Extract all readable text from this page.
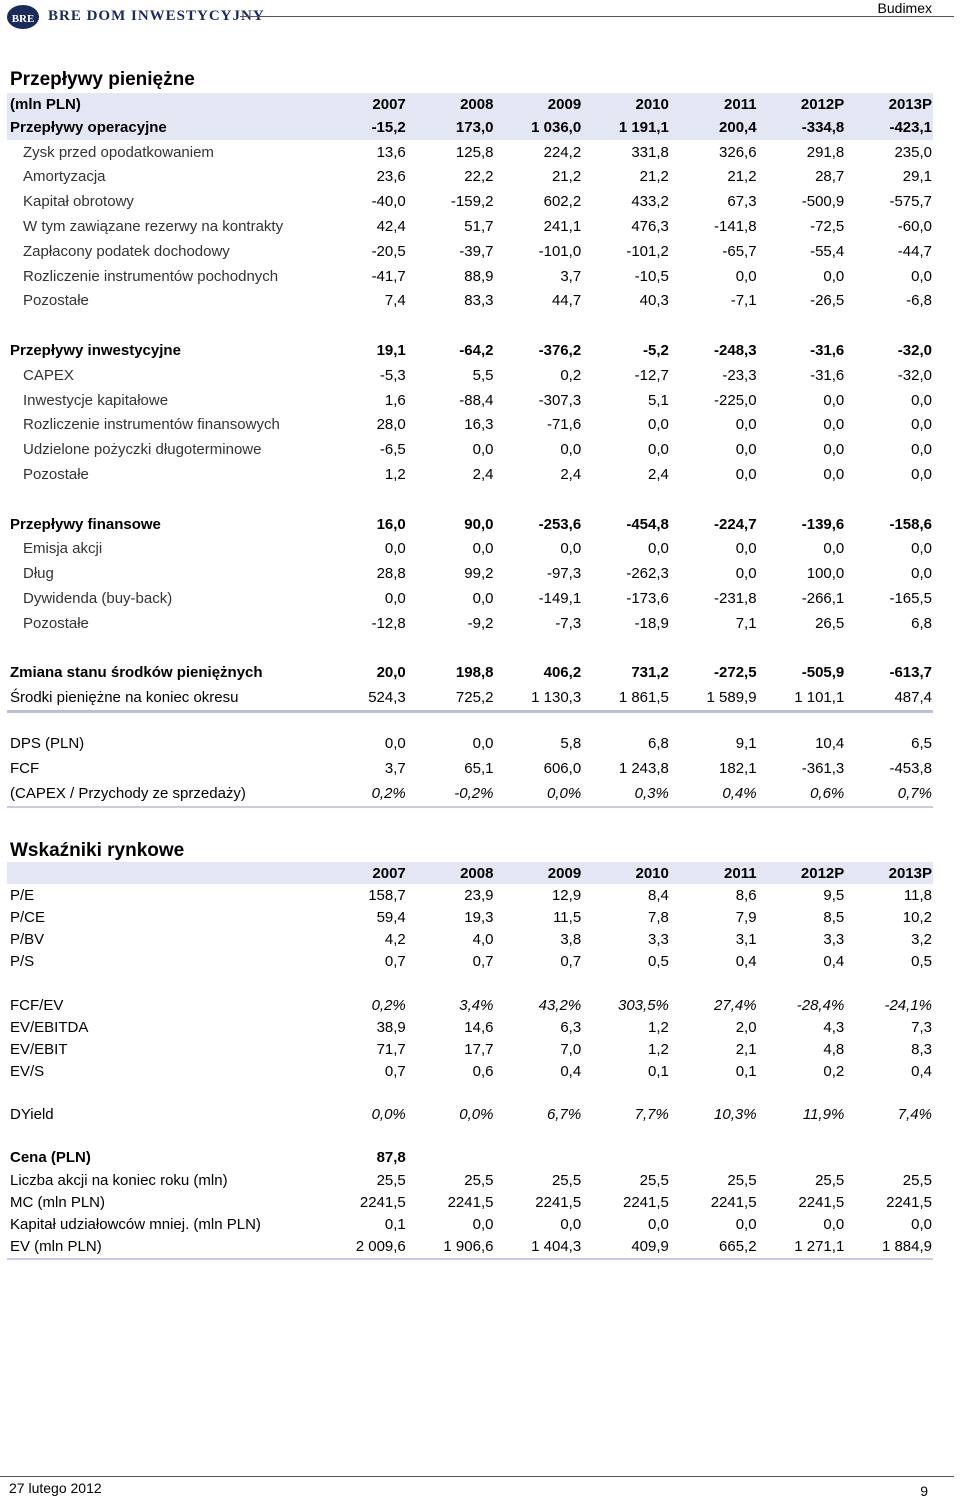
BRE BRE DOM INWESTYCYJNY	Budimex
Przepływy pieniężne
(mln PLN)	2007	2008	2009	2010	2011	2012P	2013P
Przepływy operacyjne	-15,2	173,0	1 036,0	1 191,1	200,4	-334,8	-423,1
Zysk przed opodatkowaniem	13,6	125,8	224,2	331,8	326,6	291,8	235,0
Amortyzacja	23,6	22,2	21,2	21,2	21,2	28,7	29,1
Kapitał obrotowy	-40,0	-159,2	602,2	433,2	67,3	-500,9	-575,7
W tym zawiązane rezerwy na kontrakty	42,4	51,7	241,1	476,3	-141,8	-72,5	-60,0
Zapłacony podatek dochodowy	-20,5	-39,7	-101,0	-101,2	-65,7	-55,4	-44,7
Rozliczenie instrumentów pochodnych	-41,7	88,9	3,7	-10,5	0,0	0,0	0,0
Pozostałe	7,4	83,3	44,7	40,3	-7,1	-26,5	-6,8

Przepływy inwestycyjne	19,1	-64,2	-376,2	-5,2	-248,3	-31,6	-32,0
CAPEX	-5,3	5,5	0,2	-12,7	-23,3	-31,6	-32,0
Inwestycje kapitałowe	1,6	-88,4	-307,3	5,1	-225,0	0,0	0,0
Rozliczenie instrumentów finansowych	28,0	16,3	-71,6	0,0	0,0	0,0	0,0
Udzielone pożyczki długoterminowe	-6,5	0,0	0,0	0,0	0,0	0,0	0,0
Pozostałe	1,2	2,4	2,4	2,4	0,0	0,0	0,0

Przepływy finansowe	16,0	90,0	-253,6	-454,8	-224,7	-139,6	-158,6
Emisja akcji	0,0	0,0	0,0	0,0	0,0	0,0	0,0
Dług	28,8	99,2	-97,3	-262,3	0,0	100,0	0,0
Dywidenda (buy-back)	0,0	0,0	-149,1	-173,6	-231,8	-266,1	-165,5
Pozostałe	-12,8	-9,2	-7,3	-18,9	7,1	26,5	6,8

Zmiana stanu środków pieniężnych	20,0	198,8	406,2	731,2	-272,5	-505,9	-613,7
Środki pieniężne na koniec okresu	524,3	725,2	1 130,3	1 861,5	1 589,9	1 101,1	487,4

DPS (PLN)	0,0	0,0	5,8	6,8	9,1	10,4	6,5
FCF	3,7	65,1	606,0	1 243,8	182,1	-361,3	-453,8
(CAPEX / Przychody ze sprzedaży)	0,2%	-0,2%	0,0%	0,3%	0,4%	0,6%	0,7%
Wskaźniki rynkowe
	2007	2008	2009	2010	2011	2012P	2013P
P/E	158,7	23,9	12,9	8,4	8,6	9,5	11,8
P/CE	59,4	19,3	11,5	7,8	7,9	8,5	10,2
P/BV	4,2	4,0	3,8	3,3	3,1	3,3	3,2
P/S	0,7	0,7	0,7	0,5	0,4	0,4	0,5

FCF/EV	0,2%	3,4%	43,2%	303,5%	27,4%	-28,4%	-24,1%
EV/EBITDA	38,9	14,6	6,3	1,2	2,0	4,3	7,3
EV/EBIT	71,7	17,7	7,0	1,2	2,1	4,8	8,3
EV/S	0,7	0,6	0,4	0,1	0,1	0,2	0,4

DYield	0,0%	0,0%	6,7%	7,7%	10,3%	11,9%	7,4%

Cena (PLN)	87,8						
Liczba akcji na koniec roku (mln)	25,5	25,5	25,5	25,5	25,5	25,5	25,5
MC (mln PLN)	2241,5	2241,5	2241,5	2241,5	2241,5	2241,5	2241,5
Kapitał udziałowców mniej. (mln PLN)	0,1	0,0	0,0	0,0	0,0	0,0	0,0
EV (mln PLN)	2 009,6	1 906,6	1 404,3	409,9	665,2	1 271,1	1 884,9
27 lutego 2012	9
